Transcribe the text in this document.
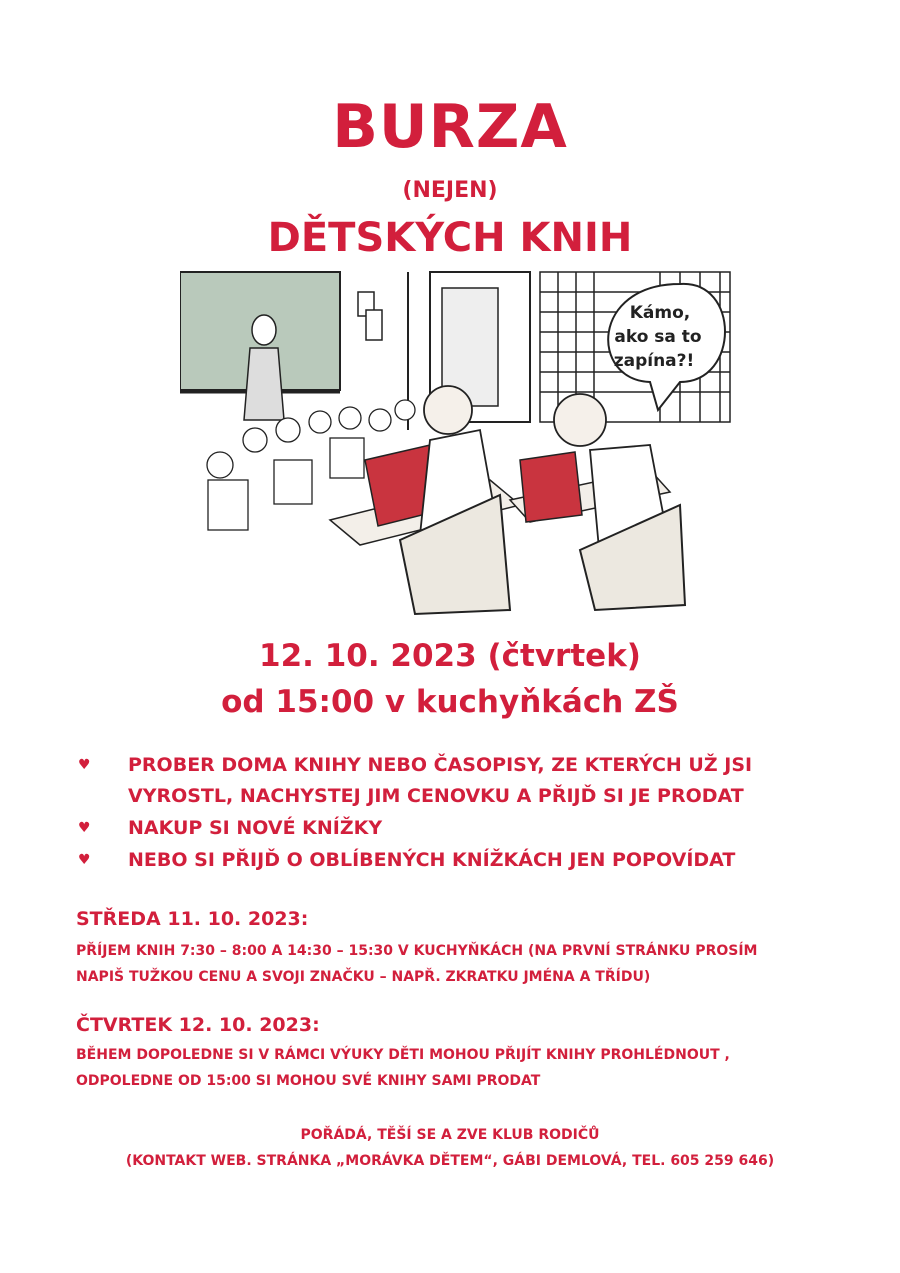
BURZA
(NEJEN)
DĚTSKÝCH KNIH
Kámo,
ako sa to
zapína?!
12. 10. 2023 (čtvrtek)
od 15:00 v kuchyňkách ZŠ
♥ PROBER DOMA KNIHY NEBO ČASOPISY, ZE KTERÝCH UŽ JSI
VYROSTL, NACHYSTEJ JIM CENOVKU A PŘIJĎ SI JE PRODAT
♥ NAKUP SI NOVÉ KNÍŽKY
♥ NEBO SI PŘIJĎ O OBLÍBENÝCH KNÍŽKÁCH JEN POPOVÍDAT
STŘEDA 11. 10. 2023:
PŘÍJEM KNIH 7:30 – 8:00 A 14:30 – 15:30 V KUCHYŇKÁCH (NA PRVNÍ STRÁNKU PROSÍM
NAPIŠ TUŽKOU CENU A SVOJI ZNAČKU – NAPŘ. ZKRATKU JMÉNA A TŘÍDU)
ČTVRTEK 12. 10. 2023:
BĚHEM DOPOLEDNE SI V RÁMCI VÝUKY DĚTI MOHOU PŘIJÍT KNIHY PROHLÉDNOUT ,
ODPOLEDNE OD 15:00 SI MOHOU SVÉ KNIHY SAMI PRODAT
POŘÁDÁ, TĚŠÍ SE A ZVE KLUB RODIČŮ
(KONTAKT WEB. STRÁNKA „MORÁVKA DĚTEM“, GÁBI DEMLOVÁ, TEL. 605 259 646)
